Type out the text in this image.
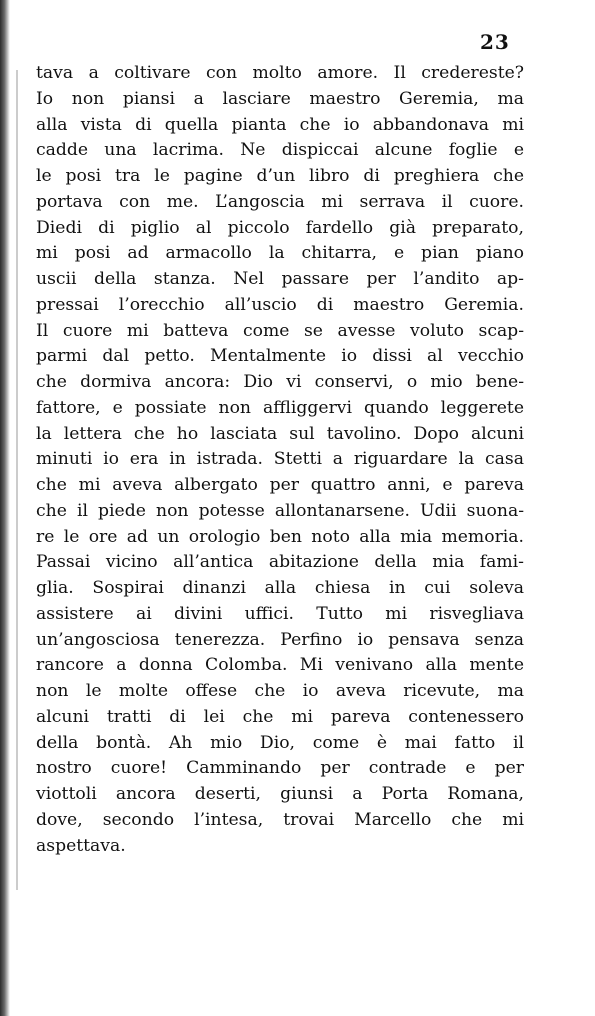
23
tava a coltivare con molto amore. Il credereste?
Io non piansi a lasciare maestro Geremia, ma
alla vista di quella pianta che io abbandonava mi
cadde una lacrima. Ne dispiccai alcune foglie e
le posi tra le pagine d’un libro di preghiera che
portava con me. L’angoscia mi serrava il cuore.
Diedi di piglio al piccolo fardello già preparato,
mi posi ad armacollo la chitarra, e pian piano
uscii della stanza. Nel passare per l’andito ap-
pressai l’orecchio all’uscio di maestro Geremia.
Il cuore mi batteva come se avesse voluto scap-
parmi dal petto. Mentalmente io dissi al vecchio
che dormiva ancora: Dio vi conservi, o mio bene-
fattore, e possiate non affliggervi quando leggerete
la lettera che ho lasciata sul tavolino. Dopo alcuni
minuti io era in istrada. Stetti a riguardare la casa
che mi aveva albergato per quattro anni, e pareva
che il piede non potesse allontanarsene. Udii suona-
re le ore ad un orologio ben noto alla mia memoria.
Passai vicino all’antica abitazione della mia fami-
glia. Sospirai dinanzi alla chiesa in cui soleva
assistere ai divini uffici. Tutto mi risvegliava
un’angosciosa tenerezza. Perfino io pensava senza
rancore a donna Colomba. Mi venivano alla mente
non le molte offese che io aveva ricevute, ma
alcuni tratti di lei che mi pareva contenessero
della bontà. Ah mio Dio, come è mai fatto il
nostro cuore! Camminando per contrade e per
viottoli ancora deserti, giunsi a Porta Romana,
dove, secondo l’intesa, trovai Marcello che mi
aspettava.
